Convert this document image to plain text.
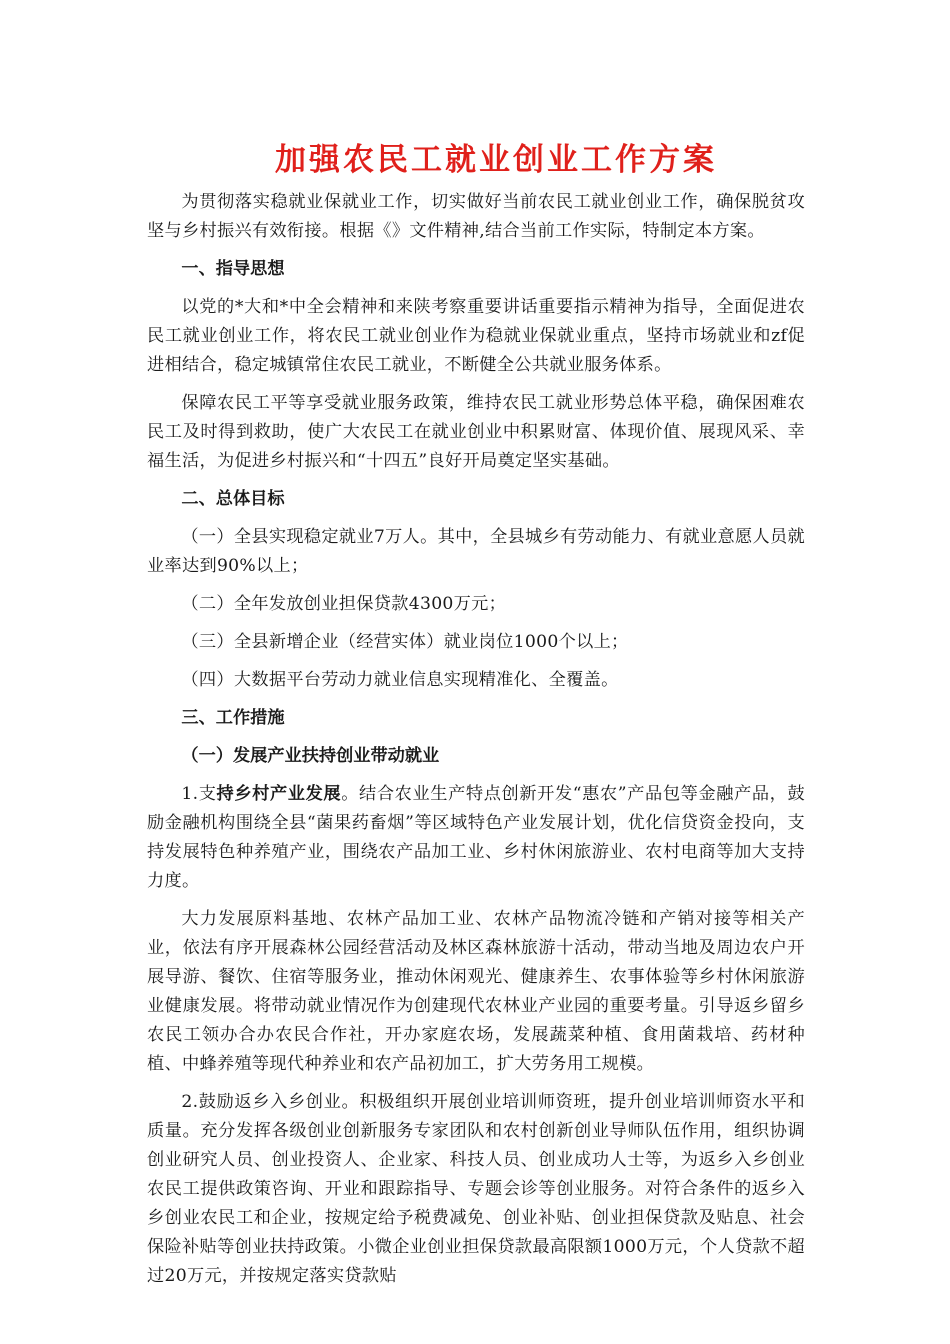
加强农民工就业创业工作方案

为贯彻落实稳就业保就业工作，切实做好当前农民工就业创业工作，确保脱贫攻坚与乡村振兴有效衔接。根据《》文件精神,结合当前工作实际，特制定本方案。

一、指导思想

以党的*大和*中全会精神和来陕考察重要讲话重要指示精神为指导，全面促进农民工就业创业工作，将农民工就业创业作为稳就业保就业重点，坚持市场就业和zf促进相结合，稳定城镇常住农民工就业，不断健全公共就业服务体系。

保障农民工平等享受就业服务政策，维持农民工就业形势总体平稳，确保困难农民工及时得到救助，使广大农民工在就业创业中积累财富、体现价值、展现风采、幸福生活，为促进乡村振兴和“十四五”良好开局奠定坚实基础。

二、总体目标

（一）全县实现稳定就业7万人。其中，全县城乡有劳动能力、有就业意愿人员就业率达到90%以上；

（二）全年发放创业担保贷款4300万元；

（三）全县新增企业（经营实体）就业岗位1000个以上；

（四）大数据平台劳动力就业信息实现精准化、全覆盖。

三、工作措施

（一）发展产业扶持创业带动就业

1.支持乡村产业发展。结合农业生产特点创新开发“惠农”产品包等金融产品，鼓励金融机构围绕全县“菌果药畜烟”等区域特色产业发展计划，优化信贷资金投向，支持发展特色种养殖产业，围绕农产品加工业、乡村休闲旅游业、农村电商等加大支持力度。

大力发展原料基地、农林产品加工业、农林产品物流冷链和产销对接等相关产业，依法有序开展森林公园经营活动及林区森林旅游十活动，带动当地及周边农户开展导游、餐饮、住宿等服务业，推动休闲观光、健康养生、农事体验等乡村休闲旅游业健康发展。将带动就业情况作为创建现代农林业产业园的重要考量。引导返乡留乡农民工领办合办农民合作社，开办家庭农场，发展蔬菜种植、食用菌栽培、药材种植、中蜂养殖等现代种养业和农产品初加工，扩大劳务用工规模。

2.鼓励返乡入乡创业。积极组织开展创业培训师资班，提升创业培训师资水平和质量。充分发挥各级创业创新服务专家团队和农村创新创业导师队伍作用，组织协调创业研究人员、创业投资人、企业家、科技人员、创业成功人士等，为返乡入乡创业农民工提供政策咨询、开业和跟踪指导、专题会诊等创业服务。对符合条件的返乡入乡创业农民工和企业，按规定给予税费减免、创业补贴、创业担保贷款及贴息、社会保险补贴等创业扶持政策。小微企业创业担保贷款最高限额1000万元，个人贷款不超过20万元，并按规定落实贷款贴
